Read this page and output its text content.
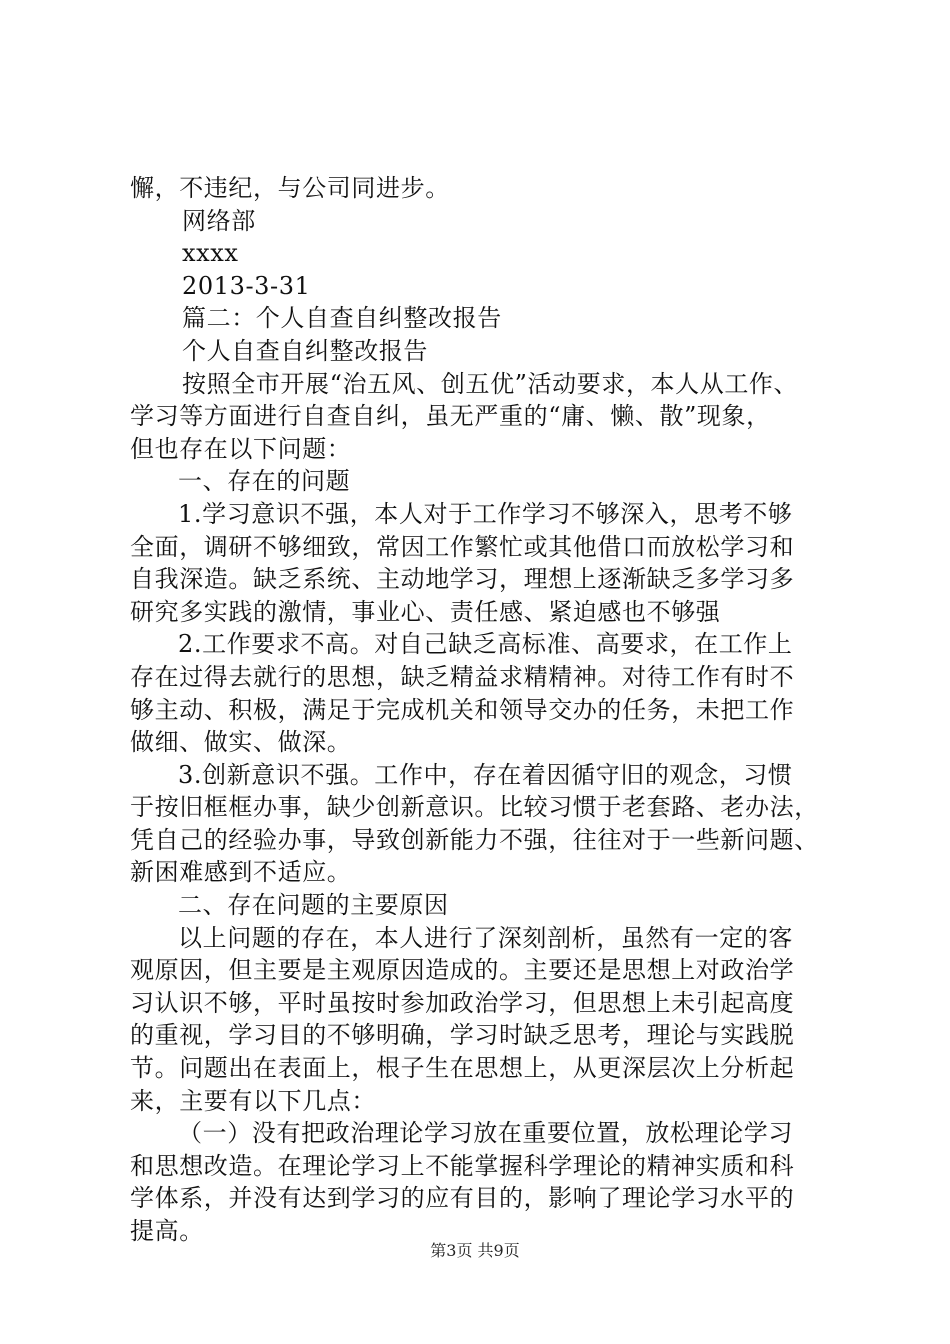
懈，不违纪，与公司同进步。
网络部
xxxx
2013-3-31
篇二：个人自查自纠整改报告
个人自查自纠整改报告
按照全市开展“治五风、创五优”活动要求，本人从工作、
学习等方面进行自查自纠，虽无严重的“庸、懒、散”现象，
但也存在以下问题：
一、存在的问题
1.学习意识不强，本人对于工作学习不够深入，思考不够
全面，调研不够细致，常因工作繁忙或其他借口而放松学习和
自我深造。缺乏系统、主动地学习，理想上逐渐缺乏多学习多
研究多实践的激情，事业心、责任感、紧迫感也不够强
2.工作要求不高。对自己缺乏高标准、高要求，在工作上
存在过得去就行的思想，缺乏精益求精精神。对待工作有时不
够主动、积极，满足于完成机关和领导交办的任务，未把工作
做细、做实、做深。
3.创新意识不强。工作中，存在着因循守旧的观念，习惯
于按旧框框办事，缺少创新意识。比较习惯于老套路、老办法，
凭自己的经验办事，导致创新能力不强，往往对于一些新问题、
新困难感到不适应。
二、存在问题的主要原因
以上问题的存在，本人进行了深刻剖析，虽然有一定的客
观原因，但主要是主观原因造成的。主要还是思想上对政治学
习认识不够，平时虽按时参加政治学习，但思想上未引起高度
的重视，学习目的不够明确，学习时缺乏思考，理论与实践脱
节。问题出在表面上，根子生在思想上，从更深层次上分析起
来，主要有以下几点：
（一）没有把政治理论学习放在重要位置，放松理论学习
和思想改造。在理论学习上不能掌握科学理论的精神实质和科
学体系，并没有达到学习的应有目的，影响了理论学习水平的
提高。
第3页 共9页
